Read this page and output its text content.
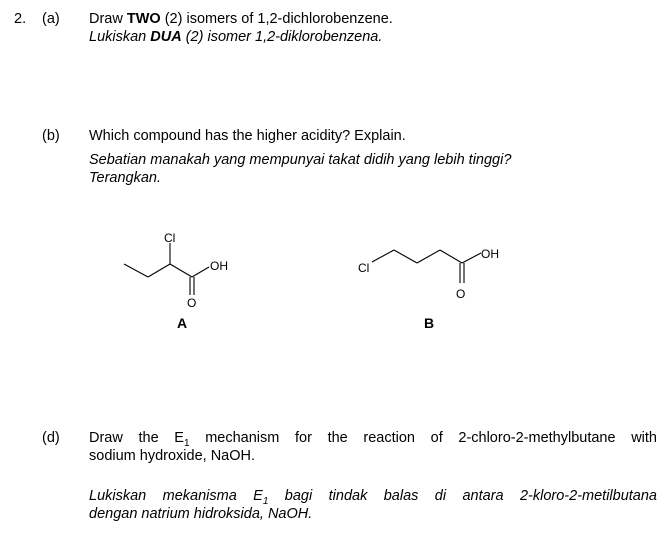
2. (a) Draw TWO (2) isomers of 1,2-dichlorobenzene.
Lukiskan DUA (2) isomer 1,2-diklorobenzena.
(b) Which compound has the higher acidity? Explain.
Sebatian manakah yang mempunyai takat didih yang lebih tinggi?
Terangkan.
Cl
OH
O
A
Cl
OH
O
B
(d) Draw the $E_1$ mechanism for the reaction of 2-chloro-2-methylbutane with
sodium hydroxide, NaOH.
Lukiskan mekanisma $E_1$ bagi tindak balas di antara 2-kloro-2-metilbutana
dengan natrium hidroksida, NaOH.
